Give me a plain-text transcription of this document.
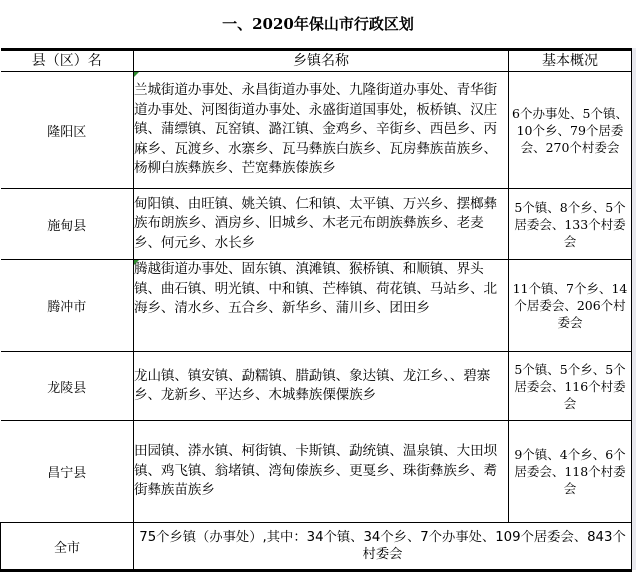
一、2020年保山市行政区划
县（区）名	乡镇名称	基本概况
隆阳区	兰城街道办事处、永昌街道办事处、九隆街道办事处、青华街道办事处、河图街道办事处、永盛街道国事处，板桥镇、汉庄镇、蒲缥镇、瓦窑镇、潞江镇、金鸡乡、辛街乡、西邑乡、丙麻乡、瓦渡乡、水寨乡、瓦马彝族白族乡、瓦房彝族苗族乡、杨柳白族彝族乡、芒宽彝族傣族乡	6个办事处、5个镇、10个乡、79个居委会、270个村委会
施甸县	甸阳镇、由旺镇、姚关镇、仁和镇、太平镇、万兴乡、摆榔彝族布朗族乡、酒房乡、旧城乡、木老元布朗族彝族乡、老麦乡、何元乡、水长乡	5个镇、8个乡、5个居委会、133个村委会
腾冲市	腾越街道办事处、固东镇、滇滩镇、猴桥镇、和顺镇、界头镇、曲石镇、明光镇、中和镇、芒棒镇、荷花镇、马站乡、北海乡、清水乡、五合乡、新华乡、蒲川乡、团田乡	11个镇、7个乡、14个居委会、206个村委会
龙陵县	龙山镇、镇安镇、勐糯镇、腊勐镇、象达镇、龙江乡、、碧寨乡、龙新乡、平达乡、木城彝族傈僳族乡	5个镇、5个乡、5个居委会、116个村委会
昌宁县	田园镇、漭水镇、柯街镇、卡斯镇、勐统镇、温泉镇、大田坝镇、鸡飞镇、翁堵镇、湾甸傣族乡、更戛乡、珠街彝族乡、耈街彝族苗族乡	9个镇、4个乡、6个居委会、118个村委会
全市	75个乡镇（办事处）,其中：34个镇、34个乡、7个办事处、109个居委会、843个村委会	
